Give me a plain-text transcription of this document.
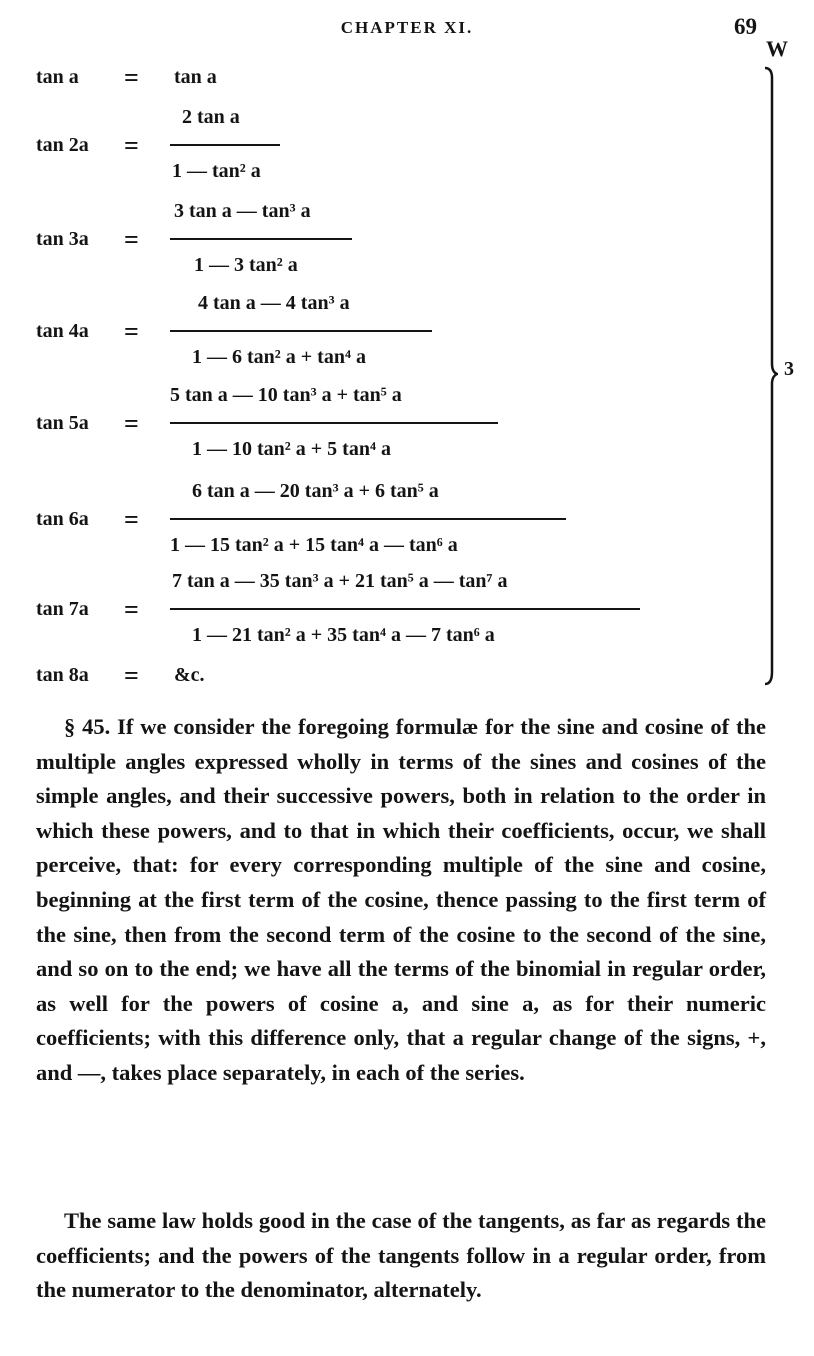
CHAPTER XI.	69
W
tan a = tan a
2 tan a
tan 2a =
1 — tan² a
3 tan a — tan³ a
tan 3a =
1 — 3 tan² a
4 tan a — 4 tan³ a
tan 4a =
1 — 6 tan² a + tan⁴ a
5 tan a — 10 tan³ a + tan⁵ a
tan 5a =
1 — 10 tan² a + 5 tan⁴ a
6 tan a — 20 tan³ a + 6 tan⁵ a
tan 6a =
1 — 15 tan² a + 15 tan⁴ a — tan⁶ a
7 tan a — 35 tan³ a + 21 tan⁵ a — tan⁷ a
tan 7a =
1 — 21 tan² a + 35 tan⁴ a — 7 tan⁶ a
tan 8a = &c.
3
§ 45. If we consider the foregoing formulæ for the sine and cosine of the multiple angles expressed wholly in terms of the sines and cosines of the simple angles, and their successive powers, both in relation to the order in which these powers, and to that in which their coefficients, occur, we shall perceive, that: for every corresponding multiple of the sine and cosine, beginning at the first term of the cosine, thence passing to the first term of the sine, then from the second term of the cosine to the second of the sine, and so on to the end; we have all the terms of the binomial in regular order, as well for the powers of cosine a, and sine a, as for their numeric coefficients; with this difference only, that a regular change of the signs, +, and —, takes place separately, in each of the series.
The same law holds good in the case of the tangents, as far as regards the coefficients; and the powers of the tangents follow in a regular order, from the numerator to the denominator, alternately.
